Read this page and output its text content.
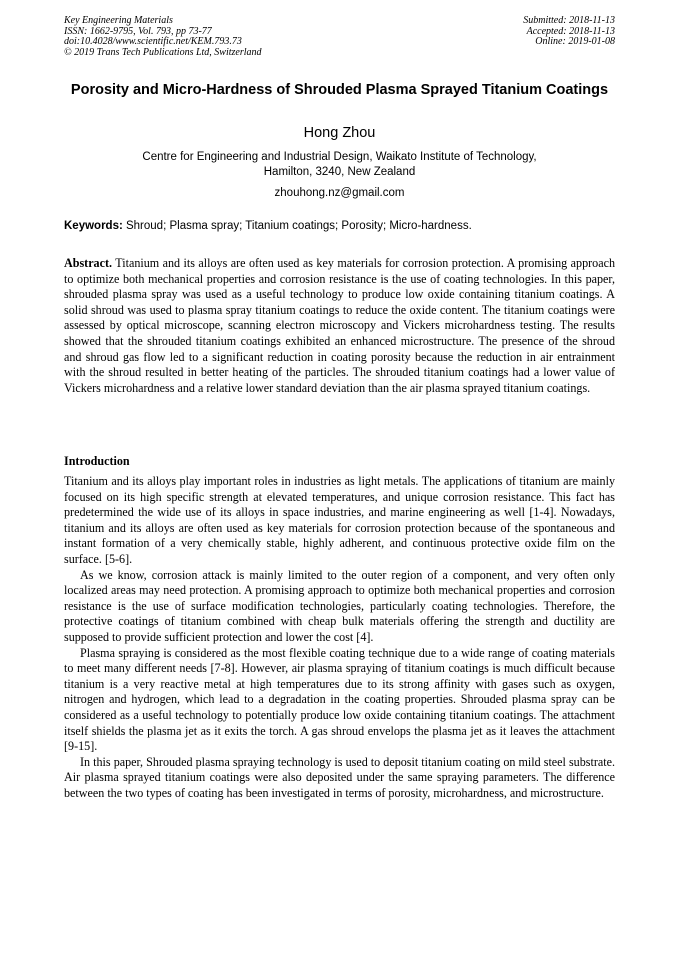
Key Engineering Materials
ISSN: 1662-9795, Vol. 793, pp 73-77
doi:10.4028/www.scientific.net/KEM.793.73
© 2019 Trans Tech Publications Ltd, Switzerland
Submitted: 2018-11-13
Accepted: 2018-11-13
Online: 2019-01-08
Porosity and Micro-Hardness of Shrouded Plasma Sprayed Titanium Coatings
Hong Zhou
Centre for Engineering and Industrial Design, Waikato Institute of Technology,
Hamilton, 3240, New Zealand
zhouhong.nz@gmail.com
Keywords: Shroud; Plasma spray; Titanium coatings; Porosity; Micro-hardness.
Abstract. Titanium and its alloys are often used as key materials for corrosion protection. A promising approach to optimize both mechanical properties and corrosion resistance is the use of coating technologies. In this paper, shrouded plasma spray was used as a useful technology to produce low oxide containing titanium coatings. A solid shroud was used to plasma spray titanium coatings to reduce the oxide content. The titanium coatings were assessed by optical microscope, scanning electron microscopy and Vickers microhardness testing. The results showed that the shrouded titanium coatings exhibited an enhanced microstructure. The presence of the shroud and shroud gas flow led to a significant reduction in coating porosity because the reduction in air entrainment with the shroud resulted in better heating of the particles. The shrouded titanium coatings had a lower value of Vickers microhardness and a relative lower standard deviation than the air plasma sprayed titanium coatings.
Introduction

Titanium and its alloys play important roles in industries as light metals. The applications of titanium are mainly focused on its high specific strength at elevated temperatures, and unique corrosion resistance. This fact has predetermined the wide use of its alloys in space industries, and marine engineering as well [1-4]. Nowadays, titanium and its alloys are often used as key materials for corrosion protection because of the spontaneous and instant formation of a very chemically stable, highly adherent, and continuous protective oxide film on the surface. [5-6].

As we know, corrosion attack is mainly limited to the outer region of a component, and very often only localized areas may need protection. A promising approach to optimize both mechanical properties and corrosion resistance is the use of surface modification technologies, particularly coating technologies. Therefore, the protective coatings of titanium combined with cheap bulk materials offering the strength and ductility are supposed to provide sufficient protection and lower the cost [4].

Plasma spraying is considered as the most flexible coating technique due to a wide range of coating materials to meet many different needs [7-8]. However, air plasma spraying of titanium coatings is much difficult because titanium is a very reactive metal at high temperatures due to its strong affinity with gases such as oxygen, nitrogen and hydrogen, which lead to a degradation in the coating properties. Shrouded plasma spray can be considered as a useful technology to potentially produce low oxide containing titanium coatings. The attachment itself shields the plasma jet as it exits the torch. A gas shroud envelops the plasma jet as it leaves the attachment [9-15].

In this paper, Shrouded plasma spraying technology is used to deposit titanium coating on mild steel substrate. Air plasma sprayed titanium coatings were also deposited under the same spraying parameters. The difference between the two types of coating has been investigated in terms of porosity, microhardness, and microstructure.
